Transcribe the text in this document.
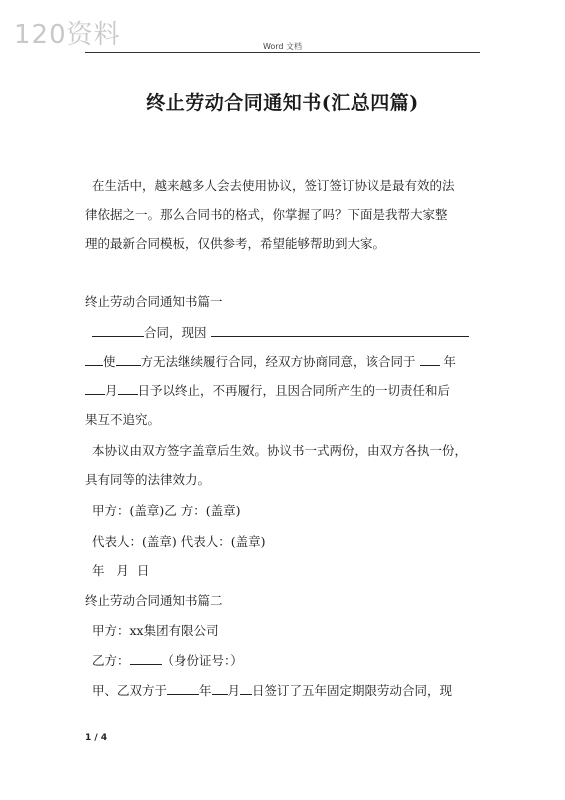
120资料	Word 文档
终止劳动合同通知书(汇总四篇)
在生活中，越来越多人会去使用协议，签订签订协议是最有效的法
律依据之一。那么合同书的格式，你掌握了吗？下面是我帮大家整
理的最新合同模板，仅供参考，希望能够帮助到大家。
终止劳动合同通知书篇一
合同，现因
使 方无法继续履行合同，经双方协商同意，该合同于 年
月 日予以终止，不再履行，且因合同所产生的一切责任和后
果互不追究。
本协议由双方签字盖章后生效。协议书一式两份，由双方各执一份，
具有同等的法律效力。
甲方：(盖章)乙 方：(盖章)
代表人：(盖章) 代表人：(盖章)
年   月  日
终止劳动合同通知书篇二
甲方：xx集团有限公司
乙方：	（身份证号：）
甲、乙双方于	年 月 日签订了五年固定期限劳动合同，现
1 / 4
